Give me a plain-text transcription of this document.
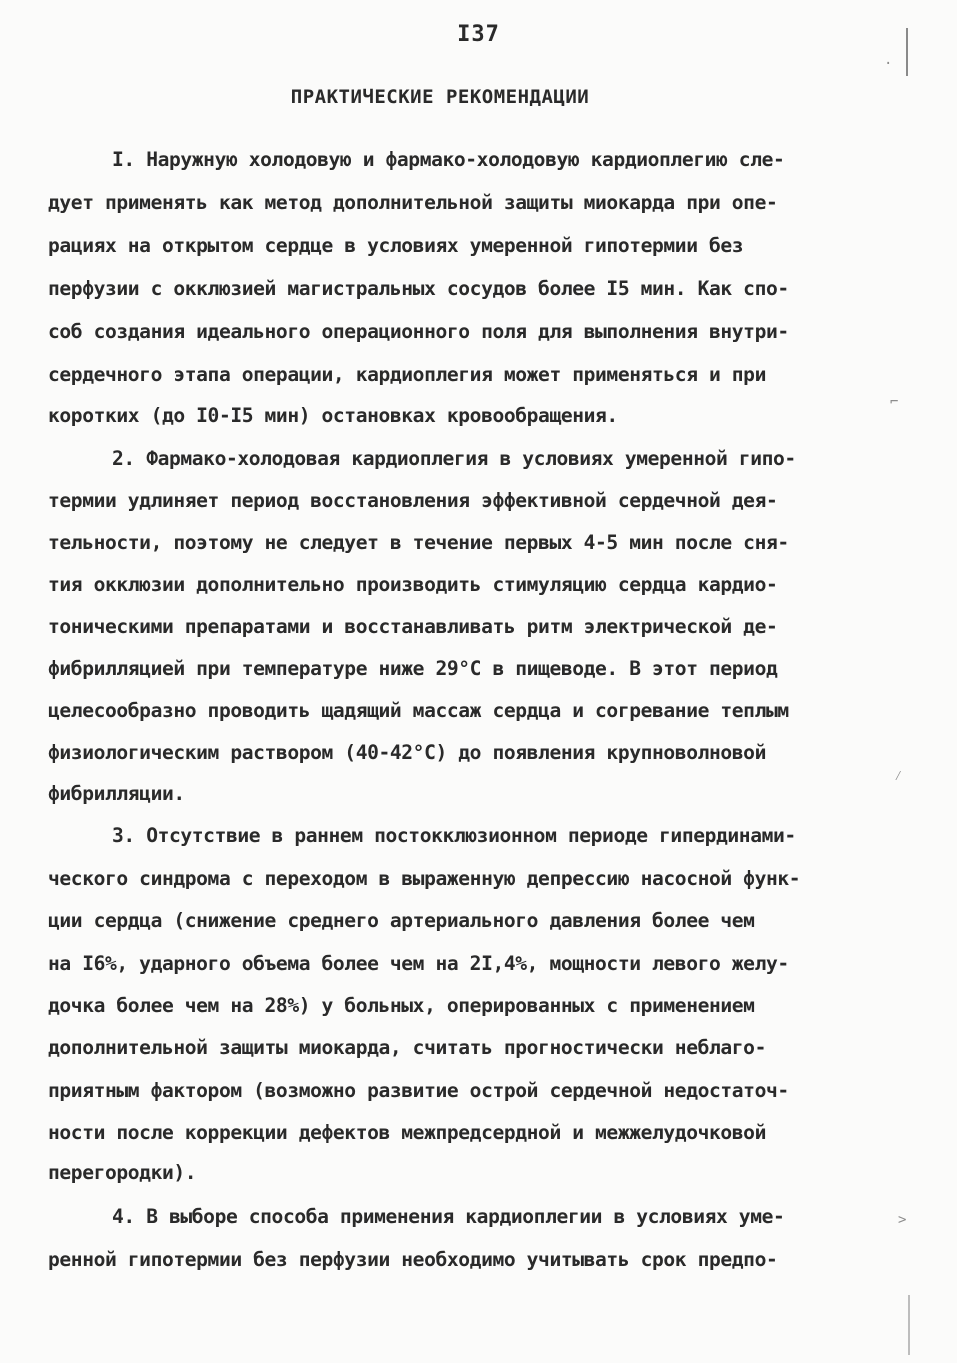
·
⌐
⁄
>
I37
ПРАКТИЧЕСКИЕ РЕКОМЕНДАЦИИ
I. Наружную холодовую и фармако-холодовую кардиоплегию сле-
дует применять как метод дополнительной защиты миокарда при опе-
рациях на открытом сердце в условиях умеренной гипотермии без
перфузии с окклюзией магистральных сосудов более I5 мин. Как спо-
соб создания идеального операционного поля для выполнения внутри-
сердечного этапа операции, кардиоплегия может применяться и при
коротких (до I0-I5 мин) остановках кровообращения.
2. Фармако-холодовая кардиоплегия в условиях умеренной гипо-
термии удлиняет период восстановления эффективной сердечной дея-
тельности, поэтому не следует в течение первых 4-5 мин после сня-
тия окклюзии дополнительно производить стимуляцию сердца кардио-
тоническими препаратами и восстанавливать ритм электрической де-
фибрилляцией при температуре ниже 29°С в пищеводе. В этот период
целесообразно проводить щадящий массаж сердца и согревание теплым
физиологическим раствором (40-42°С) до появления крупноволновой
фибрилляции.
3. Отсутствие в раннем постокклюзионном периоде гипердинами-
ческого синдрома с переходом в выраженную депрессию насосной функ-
ции сердца (снижение среднего артериального давления более чем
на I6%, ударного объема более чем на 2I,4%, мощности левого желу-
дочка более чем на 28%) у больных, оперированных с применением
дополнительной защиты миокарда, считать прогностически неблаго-
приятным фактором (возможно развитие острой сердечной недостаточ-
ности после коррекции дефектов межпредсердной и межжелудочковой
перегородки).
4. В выборе способа применения кардиоплегии в условиях уме-
ренной гипотермии без перфузии необходимо учитывать срок предпо-
